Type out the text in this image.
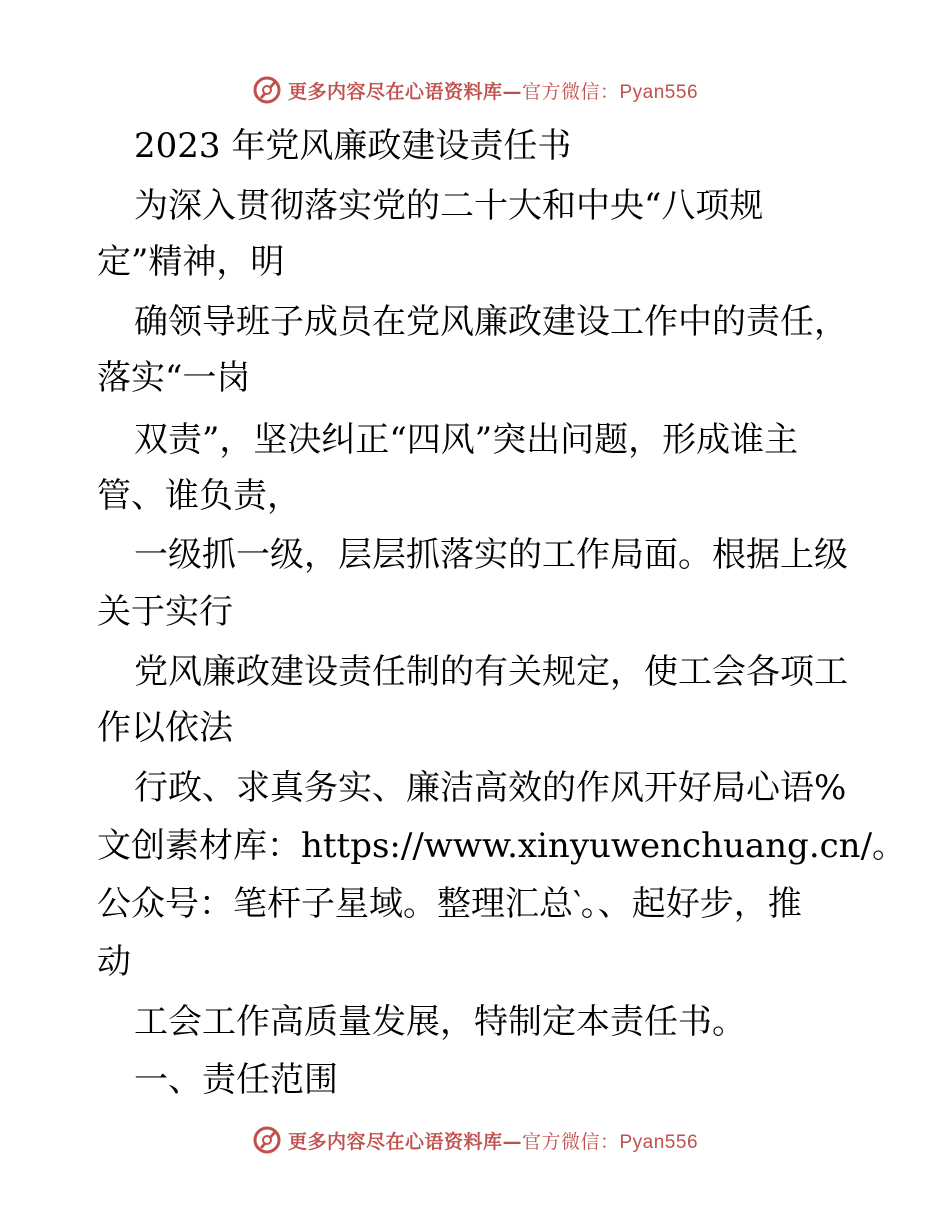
更多内容尽在心语资料库—官方微信：Pyan556
2023 年党风廉政建设责任书
为深入贯彻落实党的二十大和中央“八项规
定”精神，明
确领导班子成员在党风廉政建设工作中的责任，
落实“一岗
双责”，坚决纠正“四风”突出问题，形成谁主
管、谁负责，
一级抓一级，层层抓落实的工作局面。根据上级
关于实行
党风廉政建设责任制的有关规定，使工会各项工
作以依法
行政、求真务实、廉洁高效的作风开好局心语%
文创素材库：https://www.xinyuwenchuang.cn/。
公众号：笔杆子星域。整理汇总‵。、起好步，推
动
工会工作高质量发展，特制定本责任书。
一、责任范围
更多内容尽在心语资料库—官方微信：Pyan556
